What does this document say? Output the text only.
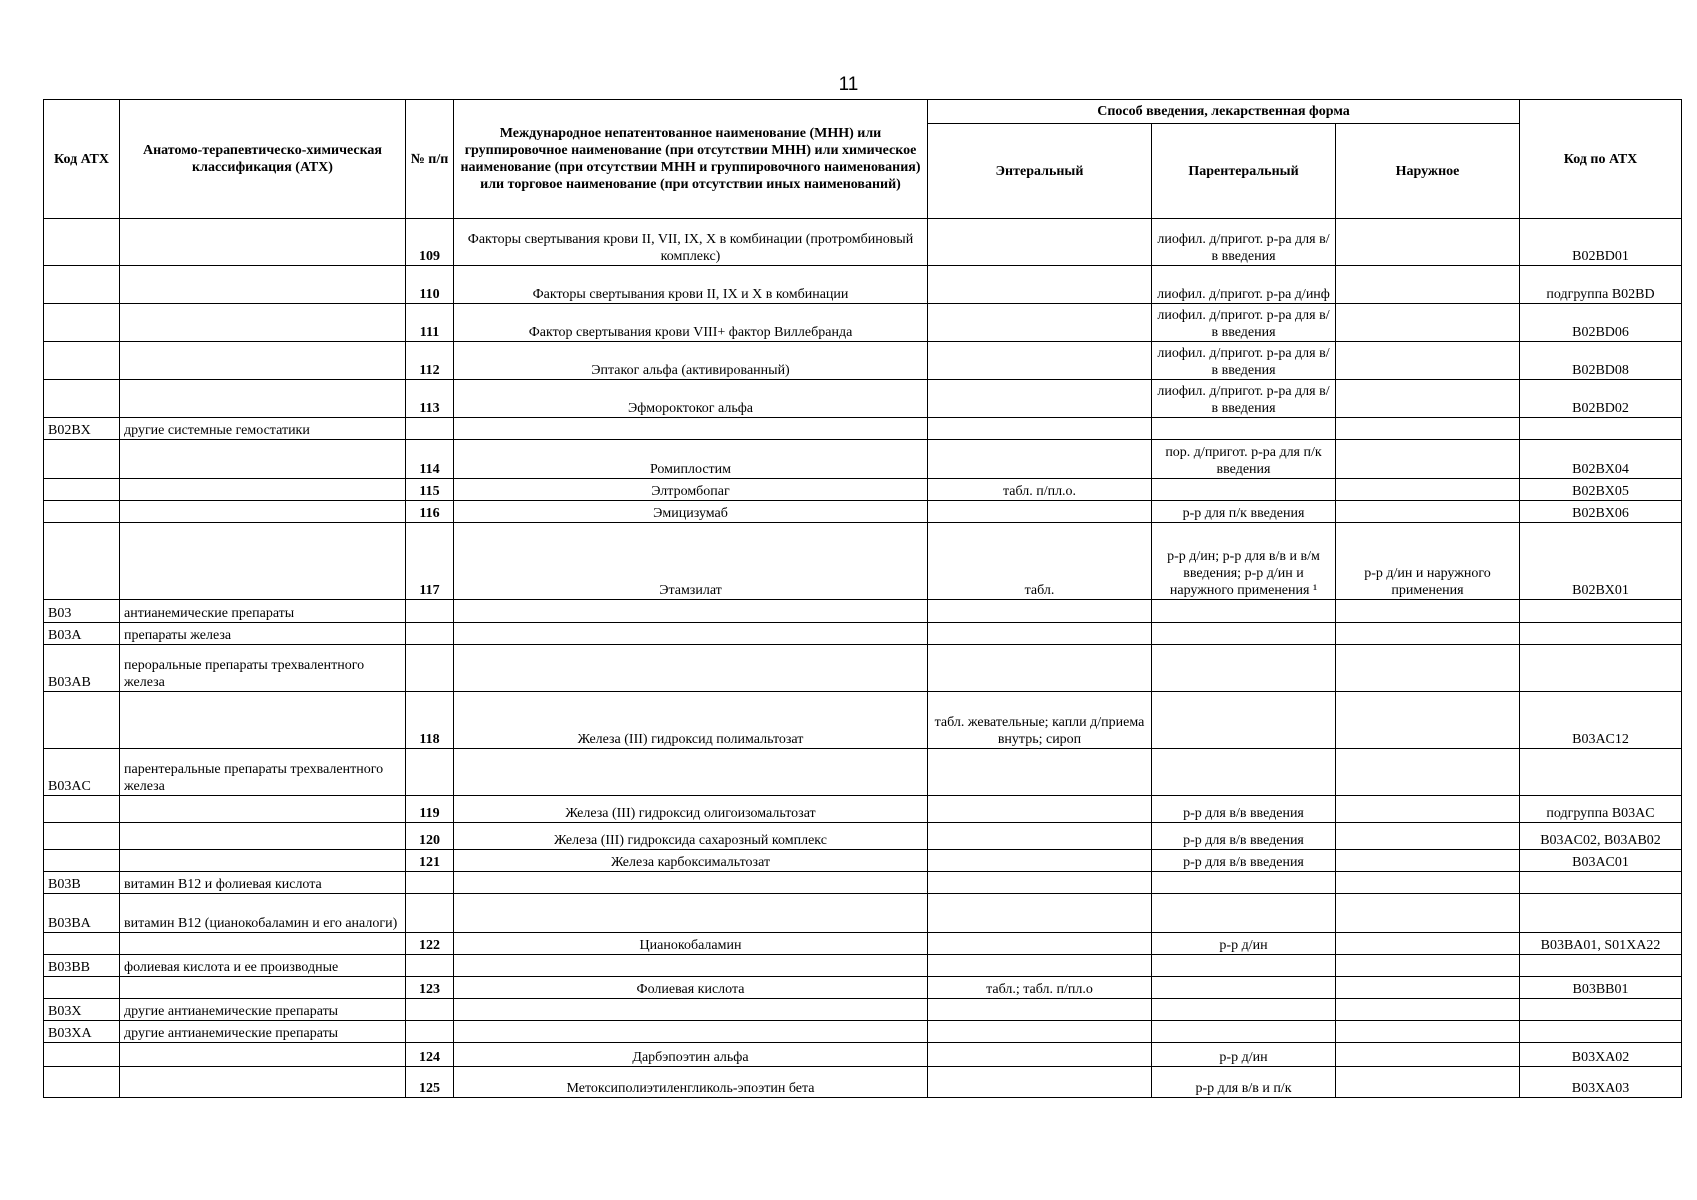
11
Код АТХ	Анатомо-терапевтическо-химическая классификация (АТХ)	№ п/п	Международное непатентованное наименование (МНН) или группировочное наименование (при отсутствии МНН) или химическое наименование (при отсутствии МНН и группировочного наименования) или торговое наименование (при отсутствии иных наименований)	Способ введения, лекарственная форма			Код по АТХ
				Энтеральный	Парентеральный	Наружное	
		109	Факторы свертывания крови II, VII, IX, X в комбинации (протромбиновый комплекс)		лиофил. д/пригот. р-ра для в/в введения		B02BD01
		110	Факторы свертывания крови II, IX и X в комбинации		лиофил. д/пригот. р-ра д/инф		подгруппа B02BD
		111	Фактор свертывания крови VIII+ фактор Виллебранда		лиофил. д/пригот. р-ра для в/в введения		B02BD06
		112	Эптаког альфа (активированный)		лиофил. д/пригот. р-ра для в/в введения		B02BD08
		113	Эфмороктоког альфа		лиофил. д/пригот. р-ра для в/в введения		B02BD02
B02BX	другие системные гемостатики						
		114	Ромиплостим		пор. д/пригот. р-ра для п/к введения		B02BX04
		115	Элтромбопаг	табл. п/пл.о.			B02BX05
		116	Эмицизумаб		р-р для п/к введения		B02BX06
		117	Этамзилат	табл.	р-р д/ин; р-р для в/в и в/м введения; р-р д/ин и наружного применения ¹	р-р д/ин и наружного применения	B02BX01
B03	антианемические препараты						
B03A	препараты железа						
B03AB	пероральные препараты трехвалентного железа						
		118	Железа (III) гидроксид полимальтозат	табл. жевательные; капли д/приема внутрь; сироп			B03AC12
B03AC	парентеральные препараты трехвалентного железа						
		119	Железа (III) гидроксид олигоизомальтозат		р-р для в/в введения		подгруппа B03AC
		120	Железа (III) гидроксида сахарозный комплекс		р-р для в/в введения		B03AC02, B03AB02
		121	Железа карбоксимальтозат		р-р для в/в введения		B03AC01
B03B	витамин B12 и фолиевая кислота						
B03BA	витамин B12 (цианокобаламин и его аналоги)						
		122	Цианокобаламин		р-р д/ин		B03BA01, S01XA22
B03BB	фолиевая кислота и ее производные						
		123	Фолиевая кислота	табл.; табл. п/пл.о			B03BB01
B03X	другие антианемические препараты						
B03XA	другие антианемические препараты						
		124	Дарбэпоэтин альфа		р-р д/ин		B03XA02
		125	Метоксиполиэтиленгликоль-эпоэтин бета		р-р для в/в и п/к		B03XA03
